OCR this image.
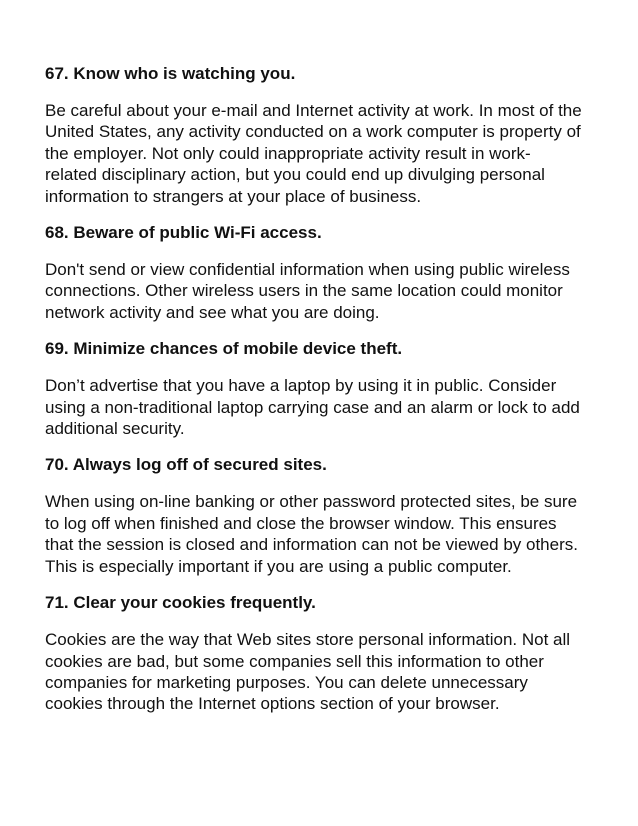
67. Know who is watching you.

Be careful about your e-mail and Internet activity at work. In most of the
United States, any activity conducted on a work computer is property of
the employer. Not only could inappropriate activity result in work-
related disciplinary action, but you could end up divulging personal
information to strangers at your place of business.

68. Beware of public Wi-Fi access.

Don't send or view confidential information when using public wireless
connections. Other wireless users in the same location could monitor
network activity and see what you are doing.

69. Minimize chances of mobile device theft.

Don’t advertise that you have a laptop by using it in public. Consider
using a non-traditional laptop carrying case and an alarm or lock to add
additional security.

70. Always log off of secured sites.

When using on-line banking or other password protected sites, be sure
to log off when finished and close the browser window. This ensures
that the session is closed and information can not be viewed by others.
This is especially important if you are using a public computer.

71. Clear your cookies frequently.

Cookies are the way that Web sites store personal information. Not all
cookies are bad, but some companies sell this information to other
companies for marketing purposes. You can delete unnecessary
cookies through the Internet options section of your browser.
